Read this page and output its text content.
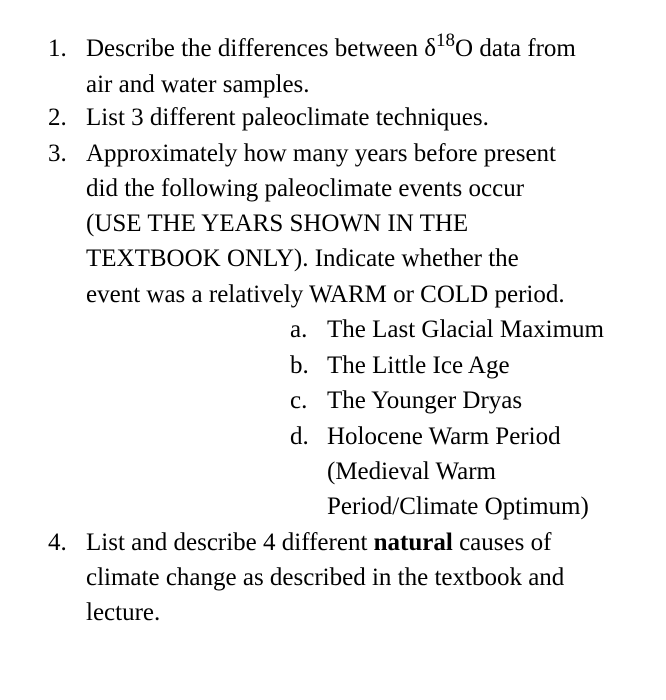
1. Describe the differences between $\delta^{18}O$ data from
air and water samples.
2. List 3 different paleoclimate techniques.
3. Approximately how many years before present
did the following paleoclimate events occur
(USE THE YEARS SHOWN IN THE
TEXTBOOK ONLY). Indicate whether the
event was a relatively WARM or COLD period.
a. The Last Glacial Maximum
b. The Little Ice Age
c. The Younger Dryas
d. Holocene Warm Period
(Medieval Warm
Period/Climate Optimum)
4. List and describe 4 different natural causes of
climate change as described in the textbook and
lecture.
